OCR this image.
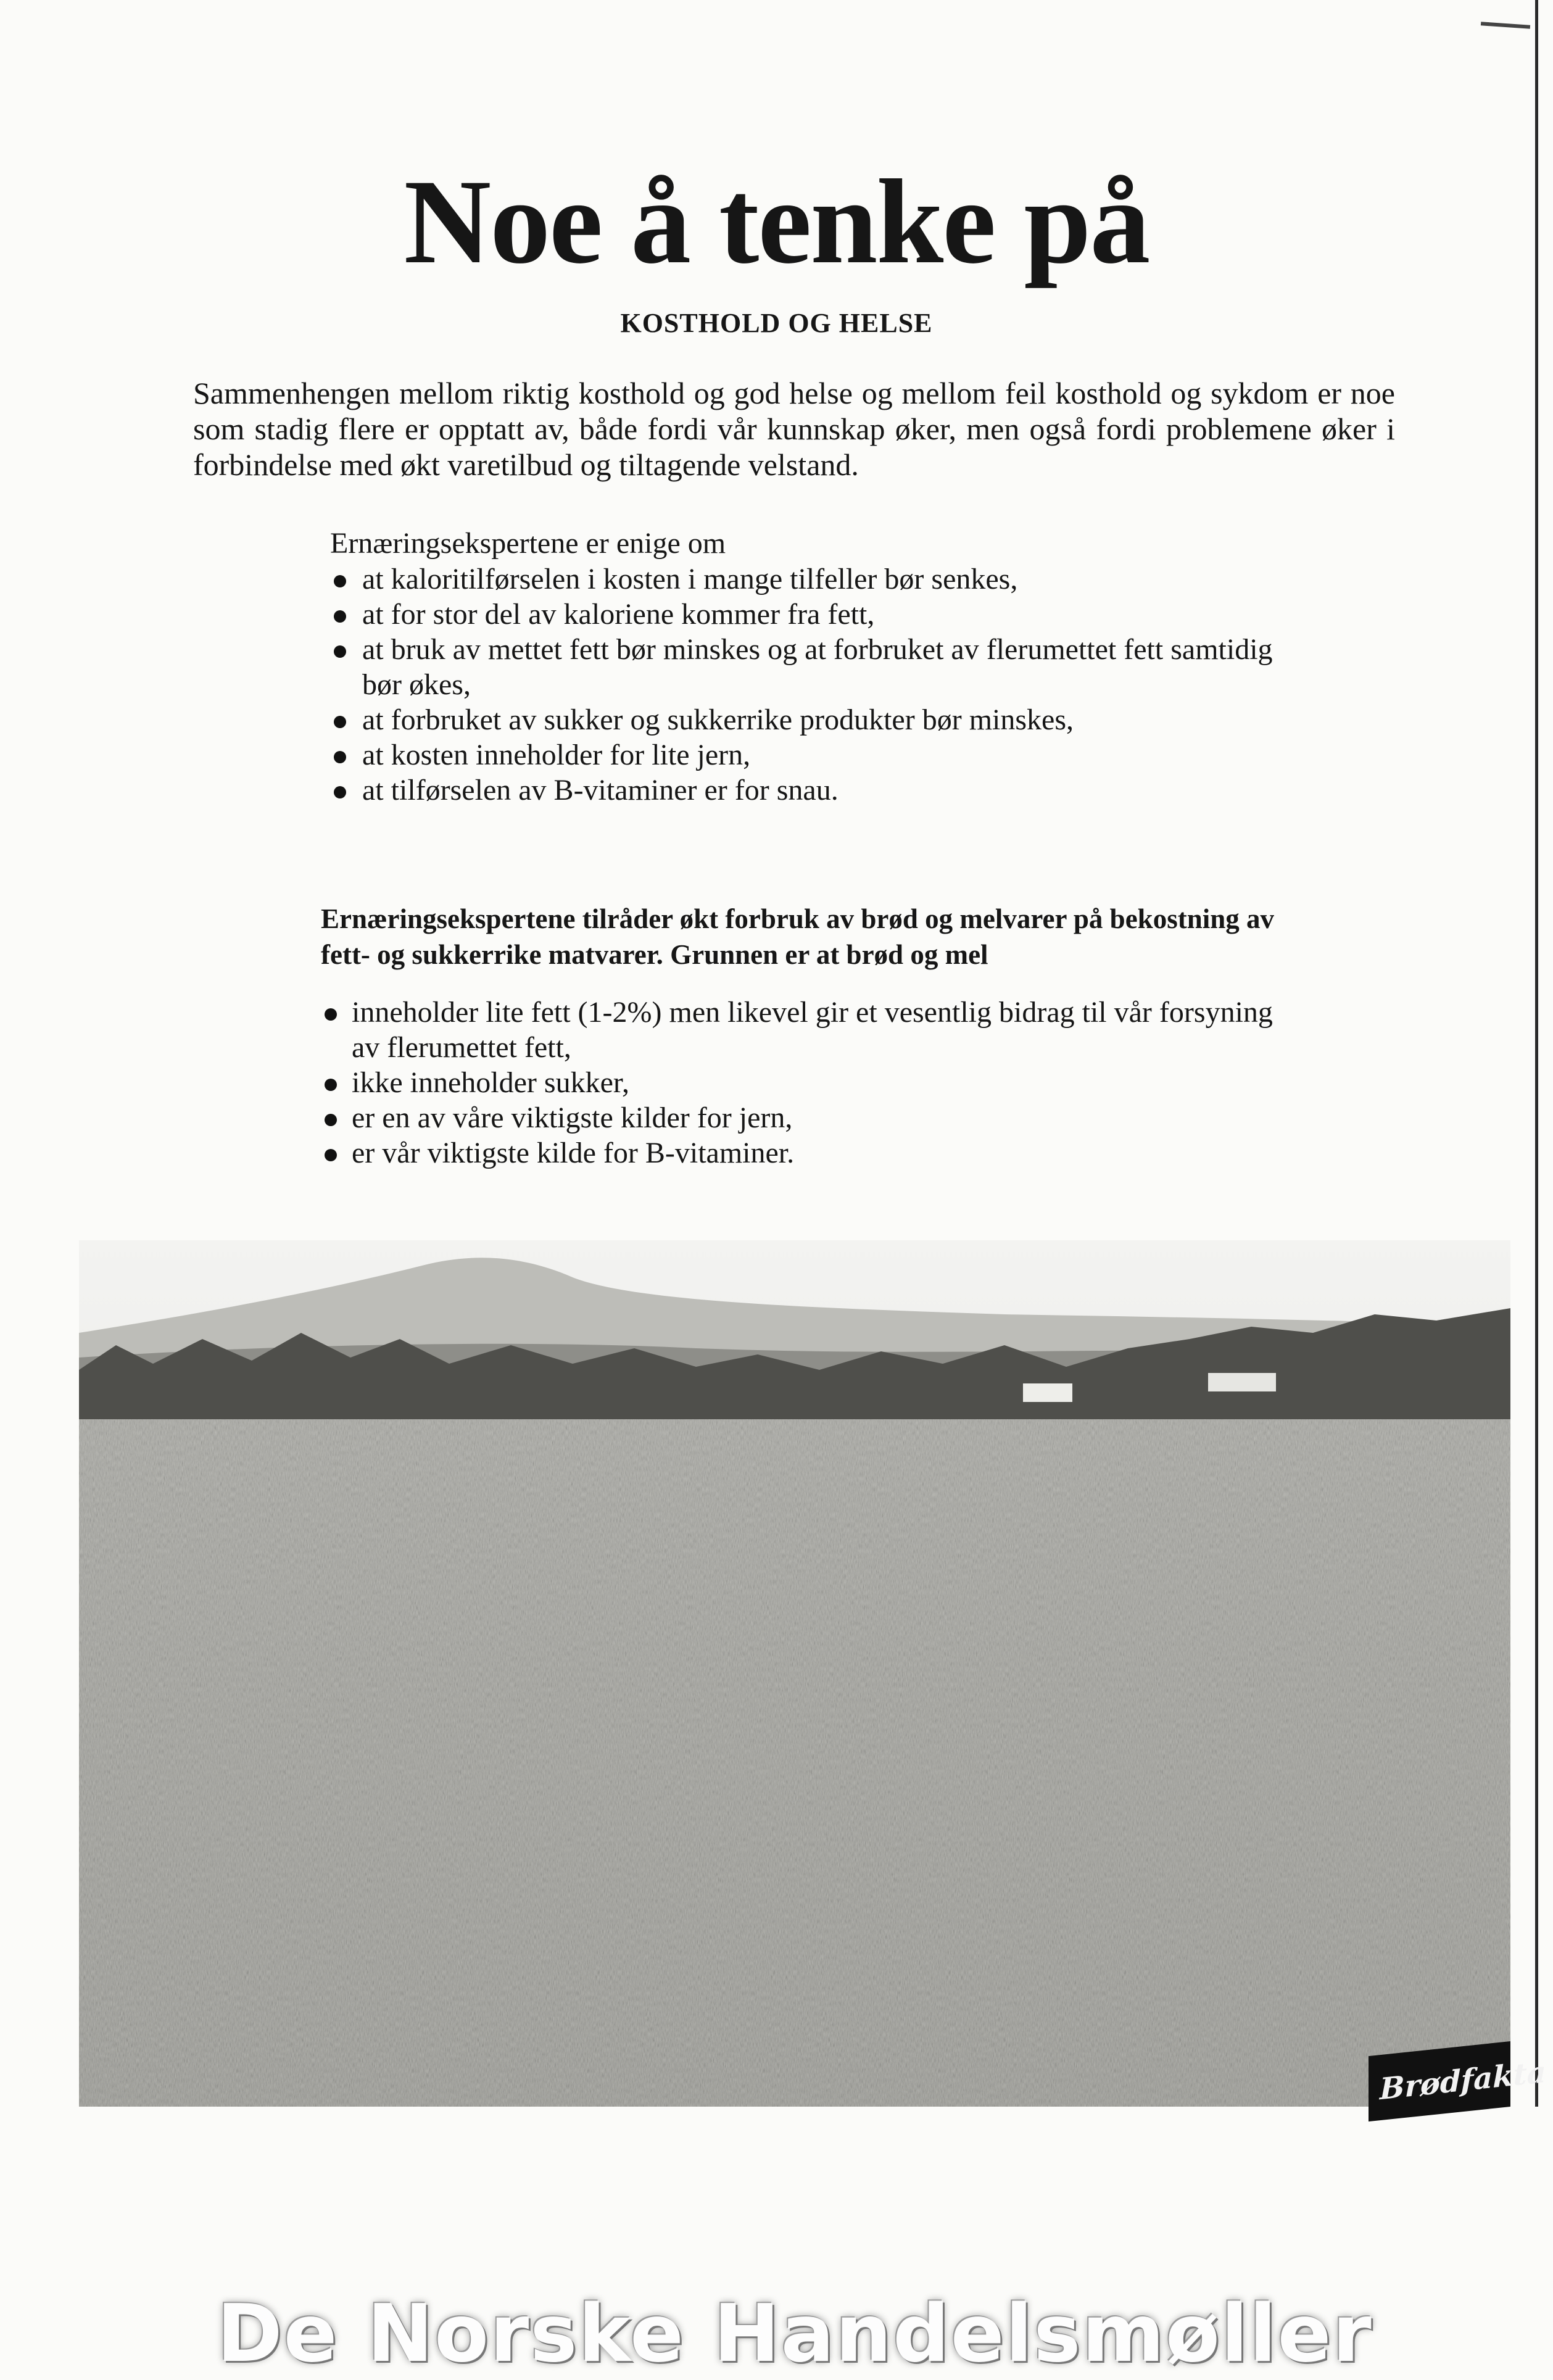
Noe å tenke på
KOSTHOLD OG HELSE

Sammenhengen mellom riktig kosthold og god helse og mellom feil kosthold og sykdom er noe som stadig flere er opptatt av, både fordi vår kunnskap øker, men også fordi problemene øker i forbindelse med økt varetilbud og tiltagende velstand.

Ernæringsekspertene er enige om

at kaloritilførselen i kosten i mange tilfeller bør senkes,
at for stor del av kaloriene kommer fra fett,
at bruk av mettet fett bør minskes og at forbruket av flerumettet fett samtidig bør økes,
at forbruket av sukker og sukkerrike produkter bør minskes,
at kosten inneholder for lite jern,
at tilførselen av B-vitaminer er for snau.

Ernæringsekspertene tilråder økt forbruk av brød og melvarer på bekostning av fett- og sukkerrike matvarer. Grunnen er at brød og mel

inneholder lite fett (1-2%) men likevel gir et vesentlig bidrag til vår forsyning av flerumettet fett,
ikke inneholder sukker,
er en av våre viktigste kilder for jern,
er vår viktigste kilde for B-vitaminer.
De Norske Handelsmøller
Brødfakta
